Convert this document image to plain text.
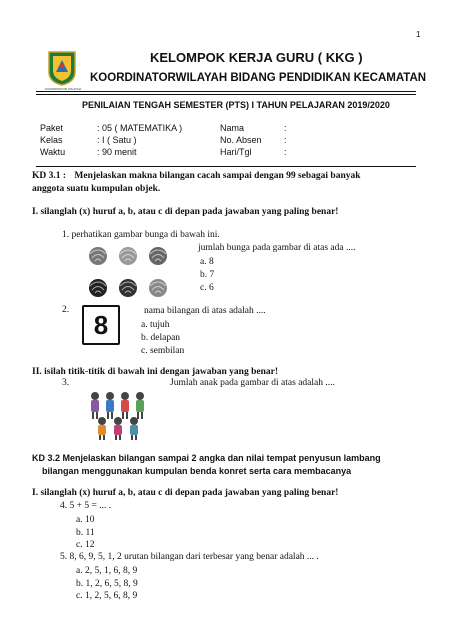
1
KOORDINATOR WILAYAH
KELOMPOK KERJA GURU ( KKG )
KOORDINATORWILAYAH BIDANG PENDIDIKAN KECAMATAN
PENILAIAN TENGAH SEMESTER (PTS) I TAHUN PELAJARAN 2019/2020
Paket
Kelas
Waktu
: 05 ( MATEMATIKA )
: I ( Satu )
: 90 menit
Nama
No. Absen
Hari/Tgl
:
:
:
KD 3.1 : Menjelaskan makna bilangan cacah sampai dengan 99 sebagai banyak
anggota suatu kumpulan objek.
I. silanglah (x) huruf a, b, atau c di depan pada jawaban yang paling benar!
1. perhatikan gambar bunga di bawah ini.
jumlah bunga pada gambar di atas ada ....
a. 8
b. 7
c. 6
2. 8	nama bilangan di atas adalah ....
a. tujuh
b. delapan
c. sembilan
II. isilah titik-titik di bawah ini dengan jawaban yang benar!
3.	Jumlah anak pada gambar di atas adalah ....
KD 3.2 Menjelaskan bilangan sampai 2 angka dan nilai tempat penyusun lambang
bilangan menggunakan kumpulan benda konret serta cara membacanya
I. silanglah (x) huruf a, b, atau c di depan pada jawaban yang paling benar!
4. 5 + 5 = ... .
a. 10
b. 11
c. 12
5. 8, 6, 9, 5, 1, 2 urutan bilangan dari terbesar yang benar adalah ... .
a. 2, 5, 1, 6, 8, 9
b. 1, 2, 6, 5, 8, 9
c. 1, 2, 5, 6, 8, 9
